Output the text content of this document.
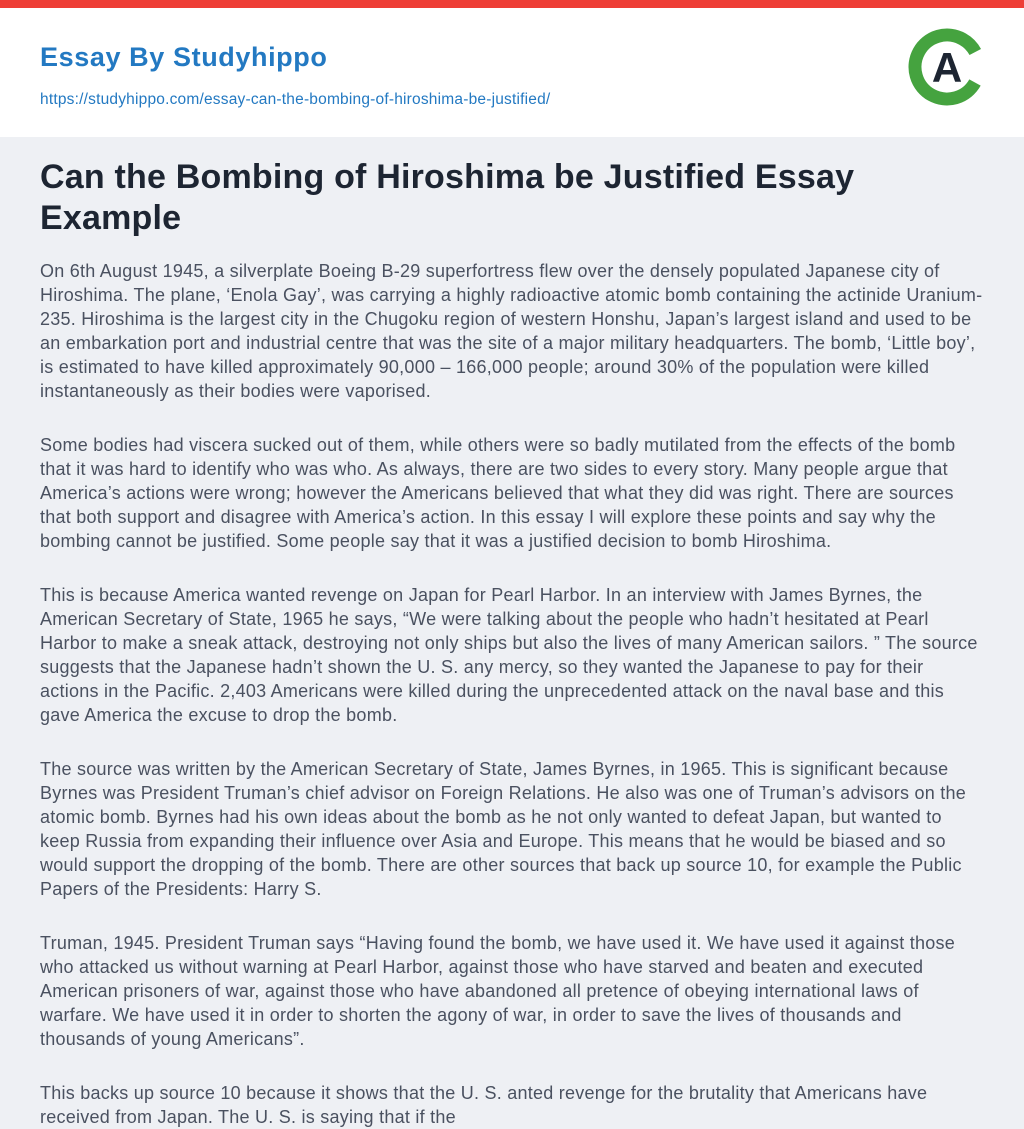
Essay By Studyhippo
https://studyhippo.com/essay-can-the-bombing-of-hiroshima-be-justified/
A
Can the Bombing of Hiroshima be Justified Essay Example

On 6th August 1945, a silverplate Boeing B-29 superfortress flew over the densely populated Japanese city of Hiroshima. The plane, ‘Enola Gay’, was carrying a highly radioactive atomic bomb containing the actinide Uranium-235. Hiroshima is the largest city in the Chugoku region of western Honshu, Japan’s largest island and used to be an embarkation port and industrial centre that was the site of a major military headquarters. The bomb, ‘Little boy’, is estimated to have killed approximately 90,000 – 166,000 people; around 30% of the population were killed instantaneously as their bodies were vaporised.

Some bodies had viscera sucked out of them, while others were so badly mutilated from the effects of the bomb that it was hard to identify who was who. As always, there are two sides to every story. Many people argue that America’s actions were wrong; however the Americans believed that what they did was right. There are sources that both support and disagree with America’s action. In this essay I will explore these points and say why the bombing cannot be justified. Some people say that it was a justified decision to bomb Hiroshima.

This is because America wanted revenge on Japan for Pearl Harbor. In an interview with James Byrnes, the American Secretary of State, 1965 he says, “We were talking about the people who hadn’t hesitated at Pearl Harbor to make a sneak attack, destroying not only ships but also the lives of many American sailors. ” The source suggests that the Japanese hadn’t shown the U. S. any mercy, so they wanted the Japanese to pay for their actions in the Pacific. 2,403 Americans were killed during the unprecedented attack on the naval base and this gave America the excuse to drop the bomb.

The source was written by the American Secretary of State, James Byrnes, in 1965. This is significant because Byrnes was President Truman’s chief advisor on Foreign Relations. He also was one of Truman’s advisors on the atomic bomb. Byrnes had his own ideas about the bomb as he not only wanted to defeat Japan, but wanted to keep Russia from expanding their influence over Asia and Europe. This means that he would be biased and so would support the dropping of the bomb. There are other sources that back up source 10, for example the Public Papers of the Presidents: Harry S.

Truman, 1945. President Truman says “Having found the bomb, we have used it. We have used it against those who attacked us without warning at Pearl Harbor, against those who have starved and beaten and executed American prisoners of war, against those who have abandoned all pretence of obeying international laws of warfare. We have used it in order to shorten the agony of war, in order to save the lives of thousands and thousands of young Americans”.

This backs up source 10 because it shows that the U. S. anted revenge for the brutality that Americans have received from Japan. The U. S. is saying that if the
